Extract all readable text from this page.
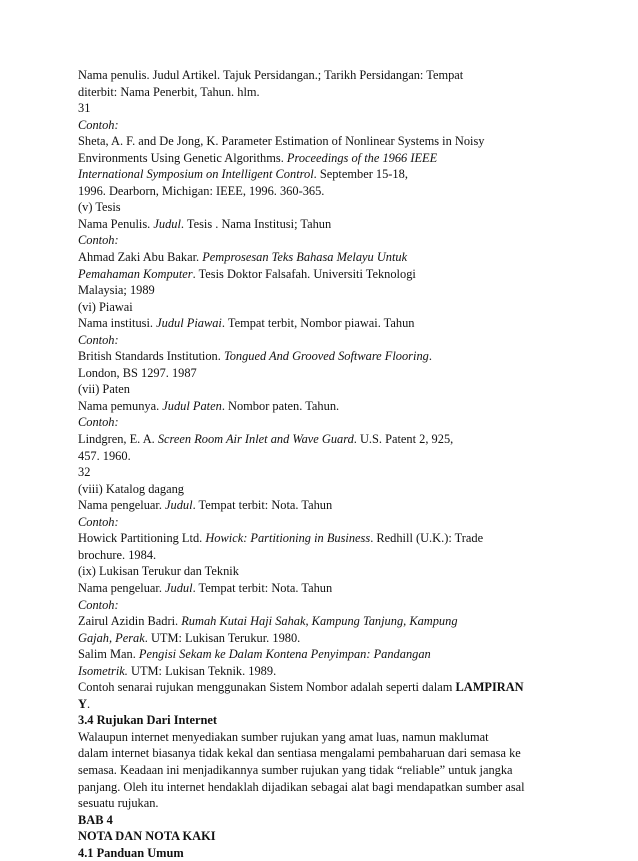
Nama penulis. Judul Artikel. Tajuk Persidangan.; Tarikh Persidangan: Tempat
diterbit: Nama Penerbit, Tahun. hlm.
31
Contoh:
Sheta, A. F. and De Jong, K. Parameter Estimation of Nonlinear Systems in Noisy
Environments Using Genetic Algorithms. Proceedings of the 1966 IEEE
International Symposium on Intelligent Control. September 15-18,
1996. Dearborn, Michigan: IEEE, 1996. 360-365.
(v) Tesis
Nama Penulis. Judul. Tesis . Nama Institusi; Tahun
Contoh:
Ahmad Zaki Abu Bakar. Pemprosesan Teks Bahasa Melayu Untuk
Pemahaman Komputer. Tesis Doktor Falsafah. Universiti Teknologi
Malaysia; 1989
(vi) Piawai
Nama institusi. Judul Piawai. Tempat terbit, Nombor piawai. Tahun
Contoh:
British Standards Institution. Tongued And Grooved Software Flooring.
London, BS 1297. 1987
(vii) Paten
Nama pemunya. Judul Paten. Nombor paten. Tahun.
Contoh:
Lindgren, E. A. Screen Room Air Inlet and Wave Guard. U.S. Patent 2, 925,
457. 1960.
32
(viii) Katalog dagang
Nama pengeluar. Judul. Tempat terbit: Nota. Tahun
Contoh:
Howick Partitioning Ltd. Howick: Partitioning in Business. Redhill (U.K.): Trade
brochure. 1984.
(ix) Lukisan Terukur dan Teknik
Nama pengeluar. Judul. Tempat terbit: Nota. Tahun
Contoh:
Zairul Azidin Badri. Rumah Kutai Haji Sahak, Kampung Tanjung, Kampung
Gajah, Perak. UTM: Lukisan Terukur. 1980.
Salim Man. Pengisi Sekam ke Dalam Kontena Penyimpan: Pandangan
Isometrik. UTM: Lukisan Teknik. 1989.
Contoh senarai rujukan menggunakan Sistem Nombor adalah seperti dalam LAMPIRAN
Y.
3.4 Rujukan Dari Internet
Walaupun internet menyediakan sumber rujukan yang amat luas, namun maklumat
dalam internet biasanya tidak kekal dan sentiasa mengalami pembaharuan dari semasa ke
semasa. Keadaan ini menjadikannya sumber rujukan yang tidak “reliable” untuk jangka
panjang. Oleh itu internet hendaklah dijadikan sebagai alat bagi mendapatkan sumber asal
sesuatu rujukan.
BAB 4
NOTA DAN NOTA KAKI
4.1 Panduan Umum
